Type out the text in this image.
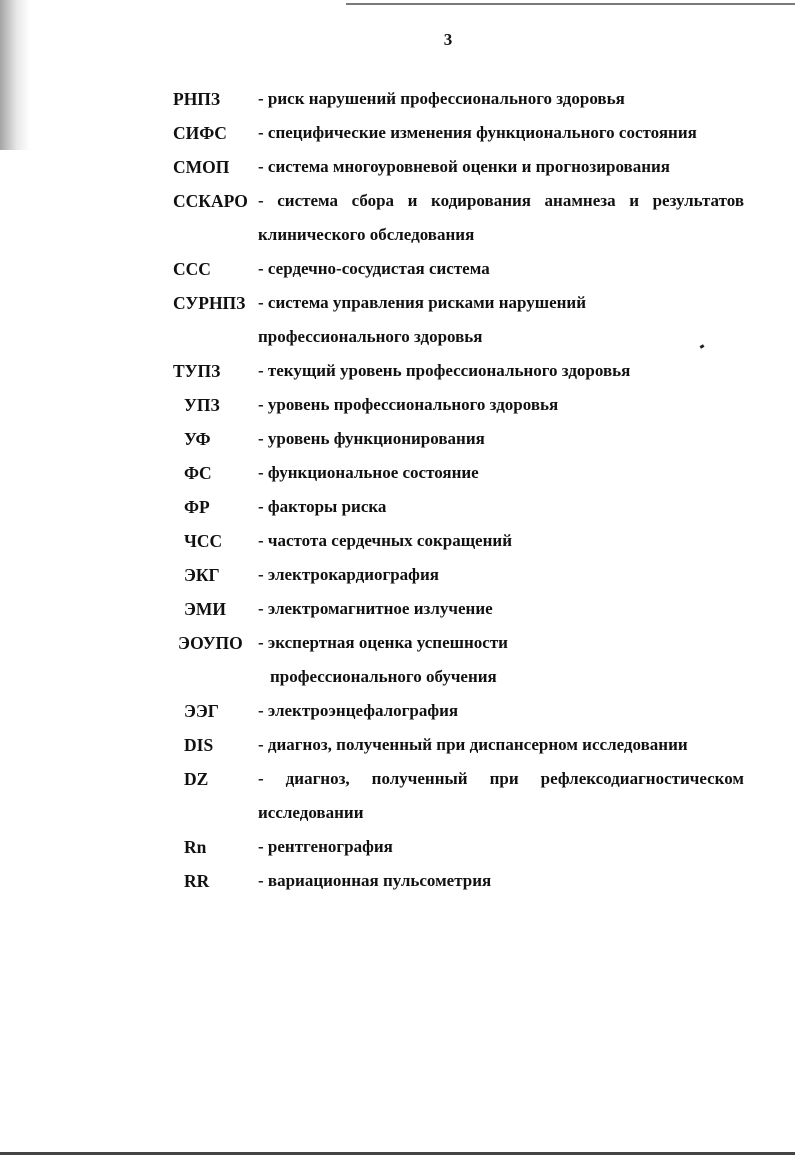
3
РНПЗ - риск нарушений профессионального здоровья
СИФС - специфические изменения функционального состояния
СМОП - система многоуровневой оценки и прогнозирования
ССКАРО - система сбора и кодирования анамнеза и результатов клинического обследования
ССС	- сердечно-сосудистая система
СУРНПЗ - система управления рисками нарушений
профессионального здоровья
ТУПЗ - текущий уровень профессионального здоровья
УПЗ - уровень профессионального здоровья
УФ	- уровень функционирования
ФС	- функциональное состояние
ФР	- факторы риска
ЧСС - частота сердечных сокращений
ЭКГ - электрокардиография
ЭМИ - электромагнитное излучение
ЭОУПО - экспертная оценка успешности
профессионального обучения
ЭЭГ - электроэнцефалография
DIS	- диагноз, полученный при диспансерном исследовании
DZ	- диагноз, полученный при рефлексодиагностическом исследовании
Rn	- рентгенография
RR	- вариационная пульсометрия
